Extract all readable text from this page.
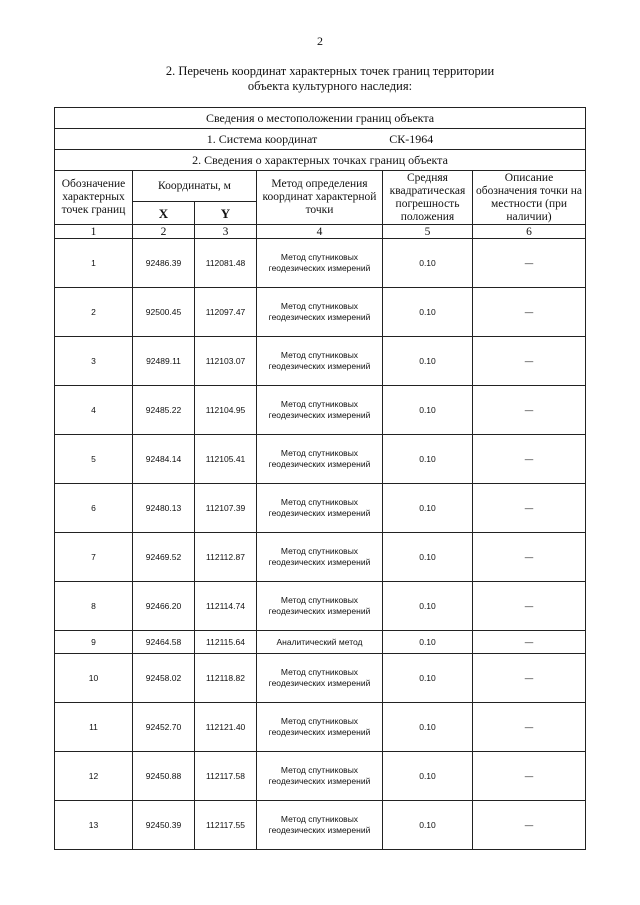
2
2. Перечень координат характерных точек границ территории
объекта культурного наследия:
Сведения о местоположении границ объекта					
1. Система координат СК-1964					
2. Сведения о характерных точках границ объекта					
Обозначение характерных точек границ	Координаты, м		Метод определения координат характерной точки	Средняя квадратическая погрешность положения	Описание обозначения точки на местности (при наличии)
	X	Y			
1	2	3	4	5	6
1	92486.39	112081.48	Метод спутниковых геодезических измерений	0.10	—
2	92500.45	112097.47	Метод спутниковых геодезических измерений	0.10	—
3	92489.11	112103.07	Метод спутниковых геодезических измерений	0.10	—
4	92485.22	112104.95	Метод спутниковых геодезических измерений	0.10	—
5	92484.14	112105.41	Метод спутниковых геодезических измерений	0.10	—
6	92480.13	112107.39	Метод спутниковых геодезических измерений	0.10	—
7	92469.52	112112.87	Метод спутниковых геодезических измерений	0.10	—
8	92466.20	112114.74	Метод спутниковых геодезических измерений	0.10	—
9	92464.58	112115.64	Аналитический метод	0.10	—
10	92458.02	112118.82	Метод спутниковых геодезических измерений	0.10	—
11	92452.70	112121.40	Метод спутниковых геодезических измерений	0.10	—
12	92450.88	112117.58	Метод спутниковых геодезических измерений	0.10	—
13	92450.39	112117.55	Метод спутниковых геодезических измерений	0.10	—
